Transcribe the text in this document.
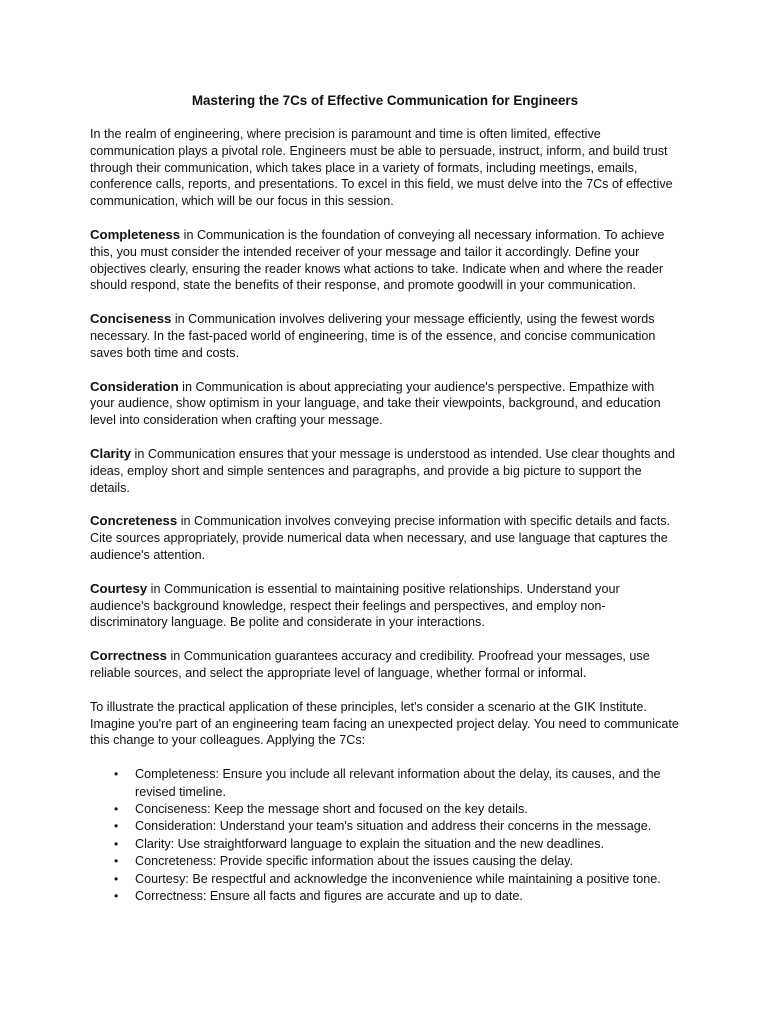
Mastering the 7Cs of Effective Communication for Engineers

In the realm of engineering, where precision is paramount and time is often limited, effective communication plays a pivotal role. Engineers must be able to persuade, instruct, inform, and build trust through their communication, which takes place in a variety of formats, including meetings, emails, conference calls, reports, and presentations. To excel in this field, we must delve into the 7Cs of effective communication, which will be our focus in this session.

Completeness in Communication is the foundation of conveying all necessary information. To achieve this, you must consider the intended receiver of your message and tailor it accordingly. Define your objectives clearly, ensuring the reader knows what actions to take. Indicate when and where the reader should respond, state the benefits of their response, and promote goodwill in your communication.

Conciseness in Communication involves delivering your message efficiently, using the fewest words necessary. In the fast-paced world of engineering, time is of the essence, and concise communication saves both time and costs.

Consideration in Communication is about appreciating your audience's perspective. Empathize with your audience, show optimism in your language, and take their viewpoints, background, and education level into consideration when crafting your message.

Clarity in Communication ensures that your message is understood as intended. Use clear thoughts and ideas, employ short and simple sentences and paragraphs, and provide a big picture to support the details.

Concreteness in Communication involves conveying precise information with specific details and facts. Cite sources appropriately, provide numerical data when necessary, and use language that captures the audience's attention.

Courtesy in Communication is essential to maintaining positive relationships. Understand your audience's background knowledge, respect their feelings and perspectives, and employ non-discriminatory language. Be polite and considerate in your interactions.

Correctness in Communication guarantees accuracy and credibility. Proofread your messages, use reliable sources, and select the appropriate level of language, whether formal or informal.

To illustrate the practical application of these principles, let's consider a scenario at the GIK Institute. Imagine you're part of an engineering team facing an unexpected project delay. You need to communicate this change to your colleagues. Applying the 7Cs:

• Completeness: Ensure you include all relevant information about the delay, its causes, and the revised timeline.
• Conciseness: Keep the message short and focused on the key details.
• Consideration: Understand your team's situation and address their concerns in the message.
• Clarity: Use straightforward language to explain the situation and the new deadlines.
• Concreteness: Provide specific information about the issues causing the delay.
• Courtesy: Be respectful and acknowledge the inconvenience while maintaining a positive tone.
• Correctness: Ensure all facts and figures are accurate and up to date.
